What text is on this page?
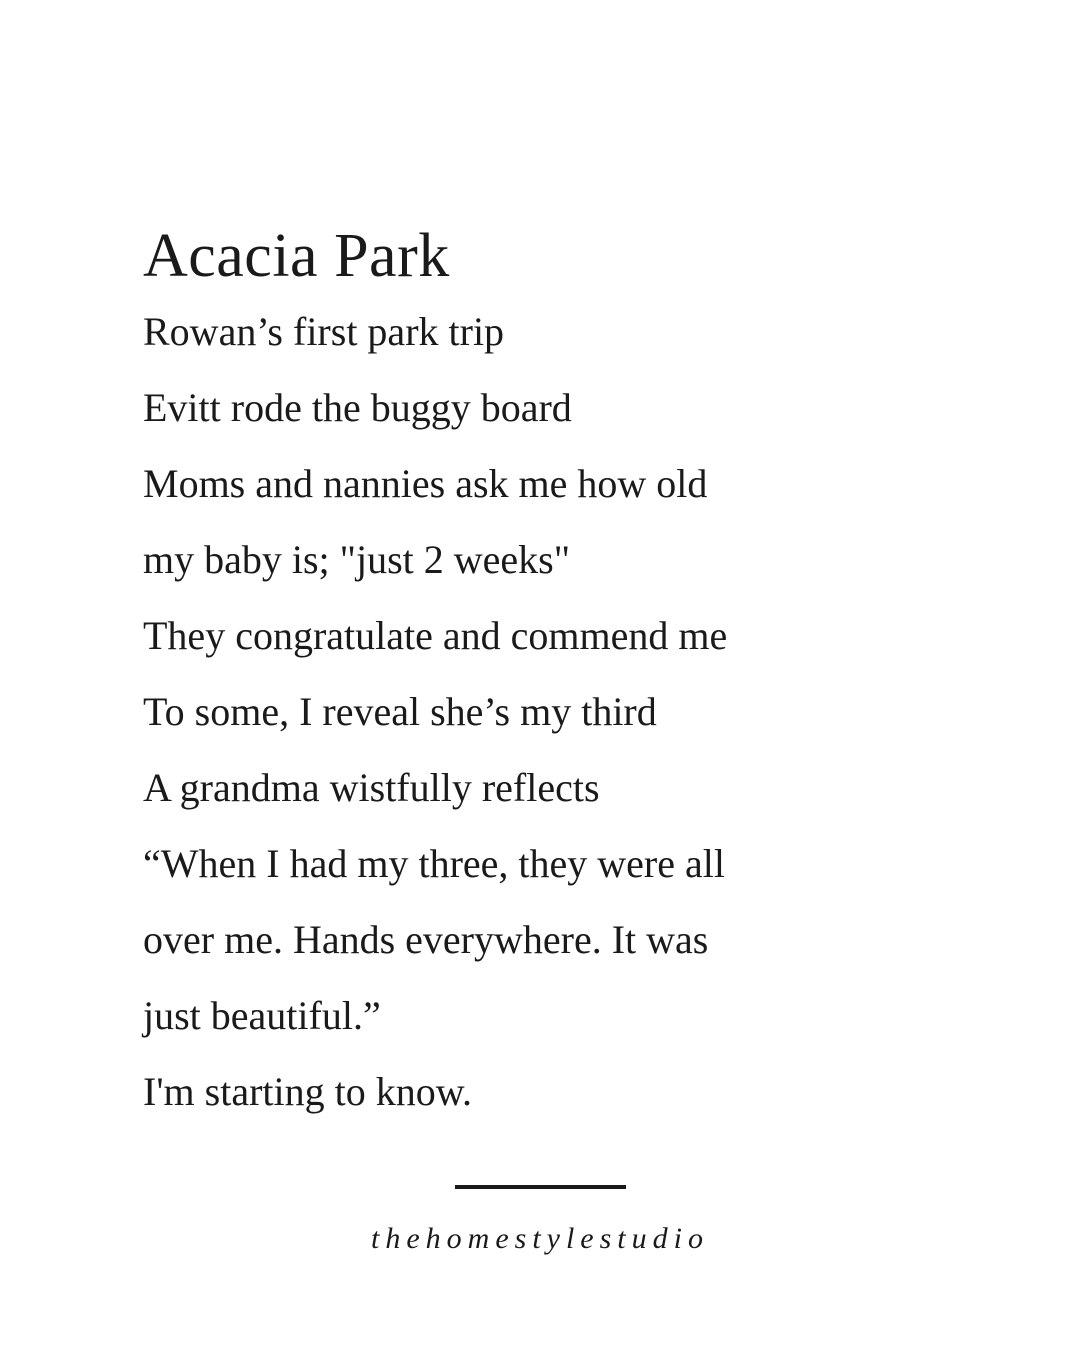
Acacia Park
Rowan’s first park trip
Evitt rode the buggy board
Moms and nannies ask me how old
my baby is; "just 2 weeks"
They congratulate and commend me
To some, I reveal she’s my third
A grandma wistfully reflects
“When I had my three, they were all
over me. Hands everywhere. It was
just beautiful.”
I'm starting to know.
thehomestylestudio
